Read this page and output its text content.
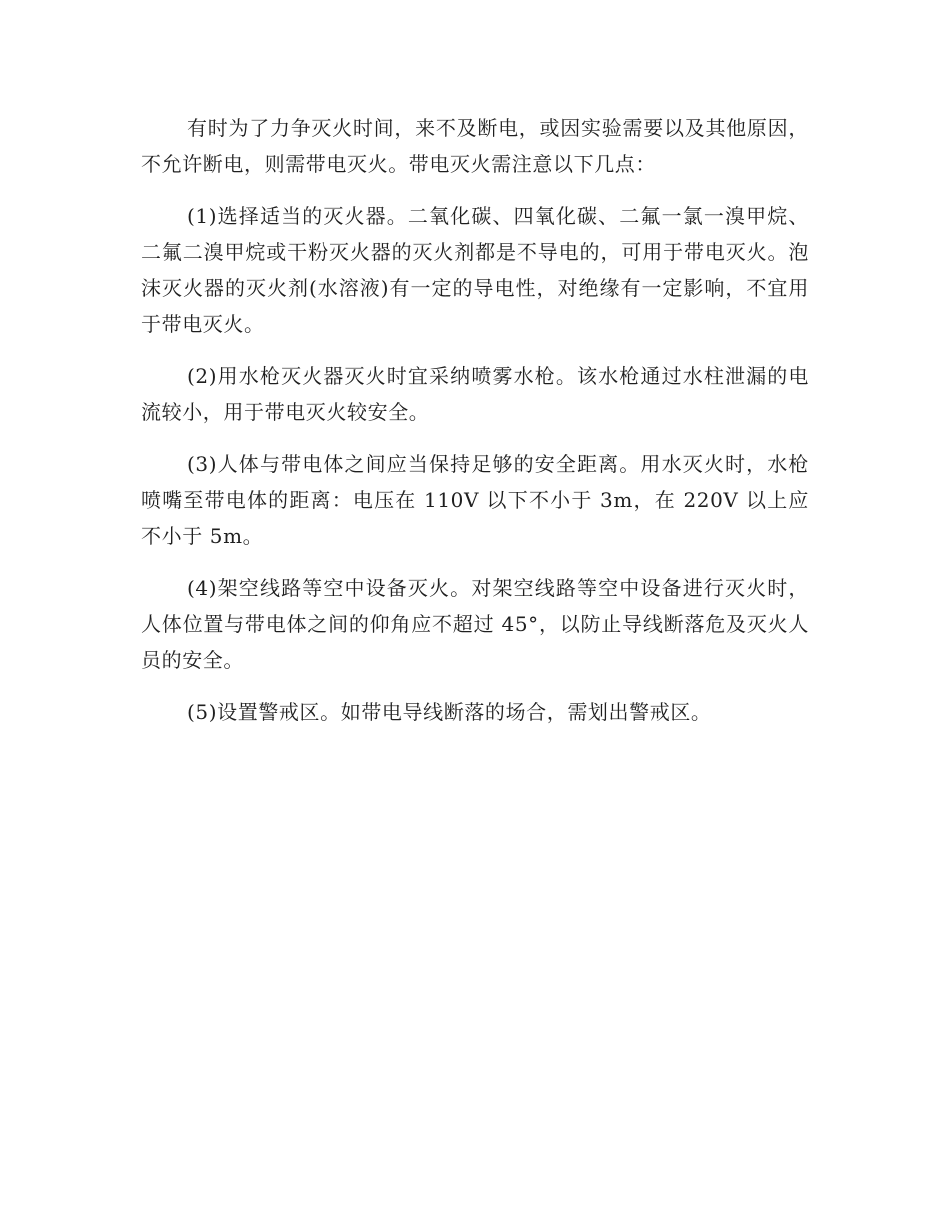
有时为了力争灭火时间，来不及断电，或因实验需要以及其他原因，不允许断电，则需带电灭火。带电灭火需注意以下几点：

(1)选择适当的灭火器。二氧化碳、四氧化碳、二氟一氯一溴甲烷、二氟二溴甲烷或干粉灭火器的灭火剂都是不导电的，可用于带电灭火。泡沫灭火器的灭火剂(水溶液)有一定的导电性，对绝缘有一定影响，不宜用于带电灭火。

(2)用水枪灭火器灭火时宜采纳喷雾水枪。该水枪通过水柱泄漏的电流较小，用于带电灭火较安全。

(3)人体与带电体之间应当保持足够的安全距离。用水灭火时，水枪喷嘴至带电体的距离：电压在 110V 以下不小于 3m，在 220V 以上应不小于 5m。

(4)架空线路等空中设备灭火。对架空线路等空中设备进行灭火时，人体位置与带电体之间的仰角应不超过 45°，以防止导线断落危及灭火人员的安全。

(5)设置警戒区。如带电导线断落的场合，需划出警戒区。
